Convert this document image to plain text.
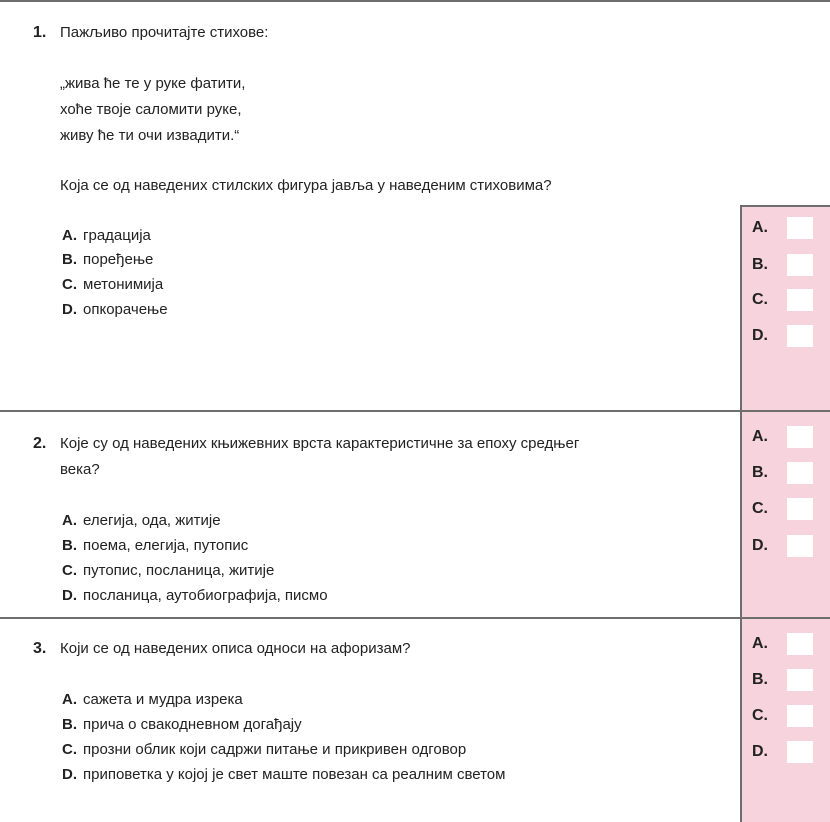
1. Пажљиво прочитајте стихове:
„жива ће те у руке фатити,
хоће твоје саломити руке,
живу ће ти очи извадити.“
Која се од наведених стилских фигура јавља у наведеним стиховима?
A. градација
B. поређење
C. метонимија
D. опкорачење
A.
B.
C.
D.
2. Које су од наведених књижевних врста карактеристичне за епоху средњег
века?
A. елегија, ода, житије
B. поема, елегија, путопис
C. путопис, посланица, житије
D. посланица, аутобиографија, писмо
A.
B.
C.
D.
3. Који се од наведених описа односи на афоризам?
A. сажета и мудра изрека
B. прича о свакодневном догађају
C. прозни облик који садржи питање и прикривен одговор
D. приповетка у којој је свет маште повезан са реалним светом
A.
B.
C.
D.
